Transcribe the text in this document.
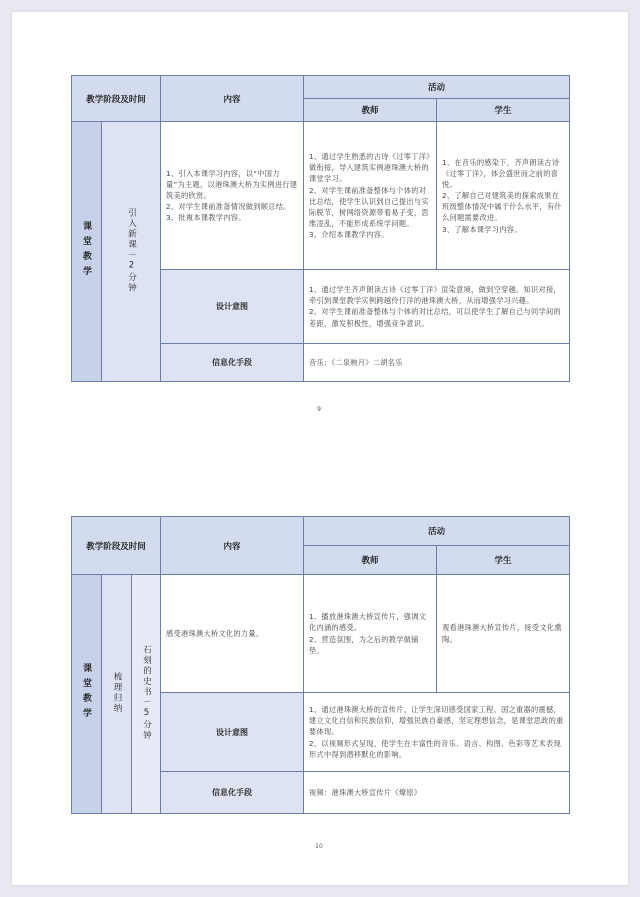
教学阶段及时间		内容	活动	
			教师	学生
课堂教学	引入新课－2分钟	1、引入本课学习内容，以“中国力量”为主题，以港珠澳大桥为实例进行建筑美的欣赏。
2、对学生课前准备情况做到顺总结。
3、批複本课教学内容。	1、通过学生熟悉的古诗《过零丁洋》做衔接，导入建筑实例港珠澳大桥的课堂学习。
2、对学生课前准备整体与个体的对比总结，使学生认识到自己提出与实际脱节，树网络资源带着易子变，思维凌乱，不能形成系统学问题。
3、介绍本课教学内容。	1、在音乐的感染下，齐声朗读古诗《过零丁洋》，体会盛世而之前的喜悦。
2、了解自己对建筑美的探索成果在班级整体情况中属于什么水平，有什么问题需要改进。
3、了解本课学习内容。
		设计意图	1、通过学生齐声朗读古诗《过零丁洋》渲染意境，做到空穿越、知识对接，牵引到课堂教学实例跨越伶仃洋的港珠澳大桥，从而增强学习兴趣。
2、对学生课前准备整体与个体的对比总结，可以使学生了解自己与同学间的差距，激发积极性，增强竞争意识。	
		信息化手段	音乐：《二泉映月》二胡名乐	
9
教学阶段及时间			内容	活动	
				教师	学生
课堂教学	梳理归纳	石刻的史书－5分钟	感受港珠澳大桥文化的力量。	1、播放港珠澳大桥宣传片，强调文化内涵的感受。
2、营造氛围，为之后的教学做铺垫。	观看港珠澳大桥宣传片，接受文化熏陶。
			设计意图	1、通过港珠澳大桥的宣传片，让学生深切感受国家工程、国之重器的震撼，建立文化自信和民族信仰，增强民族自豪感，坚定理想信念，是课堂思政的重要体现。
2、以视频形式呈现，使学生在丰富性的音乐、语言、构图、色彩等艺术表现形式中得到潜移默化的影响。	
			信息化手段	视频：港珠澳大桥宣传片《燎原》	
10
